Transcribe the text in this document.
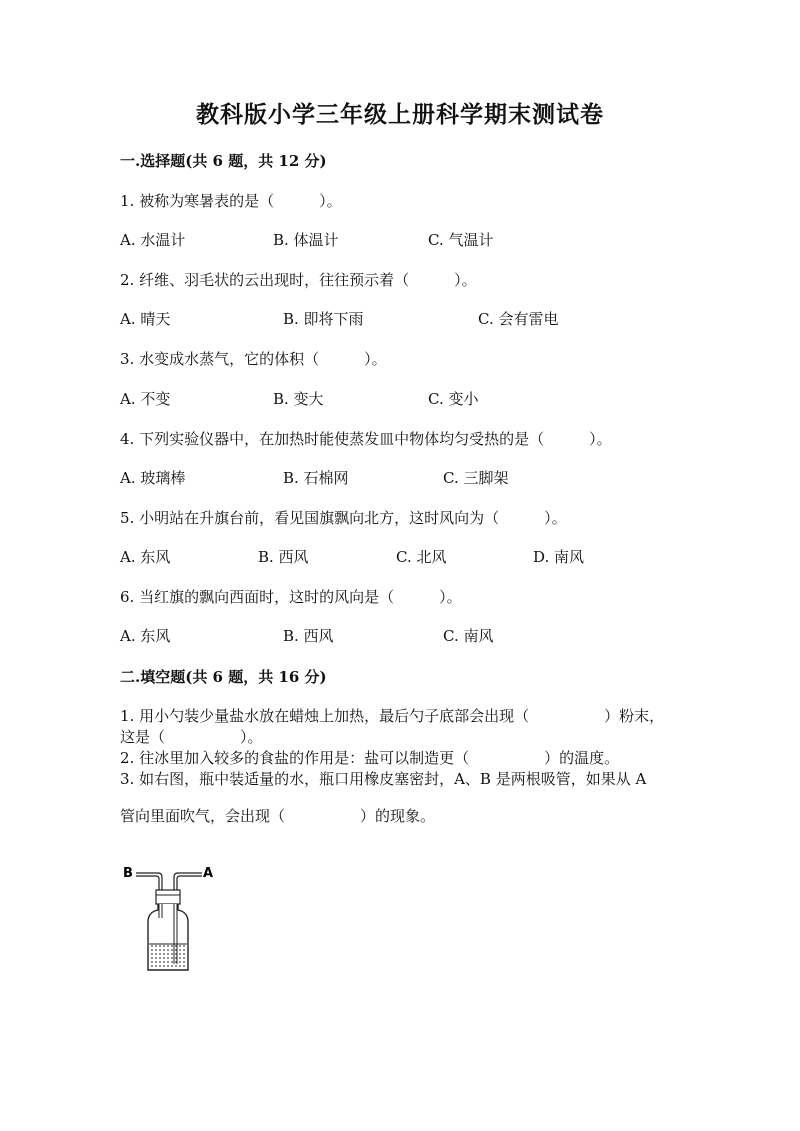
教科版小学三年级上册科学期末测试卷
一.选择题(共 6 题，共 12 分)
1. 被称为寒暑表的是（　　　）。
A. 水温计	B. 体温计	C. 气温计
2. 纤维、羽毛状的云出现时，往往预示着（　　　）。
A. 晴天	B. 即将下雨	C. 会有雷电
3. 水变成水蒸气，它的体积（　　　）。
A. 不变	B. 变大	C. 变小
4. 下列实验仪器中，在加热时能使蒸发皿中物体均匀受热的是（　　　）。
A. 玻璃棒	B. 石棉网	C. 三脚架
5. 小明站在升旗台前，看见国旗飘向北方，这时风向为（　　　）。
A. 东风	B. 西风	C. 北风	D. 南风
6. 当红旗的飘向西面时，这时的风向是（　　　）。
A. 东风	B. 西风	C. 南风
二.填空题(共 6 题，共 16 分)
1. 用小勺装少量盐水放在蜡烛上加热，最后勺子底部会出现（　　　　　）粉末，
这是（　　　　　）。
2. 往冰里加入较多的食盐的作用是：盐可以制造更（　　　　　）的温度。
3. 如右图，瓶中装适量的水，瓶口用橡皮塞密封，A、B 是两根吸管，如果从 A
管向里面吹气，会出现（　　　　　）的现象。
B	A
